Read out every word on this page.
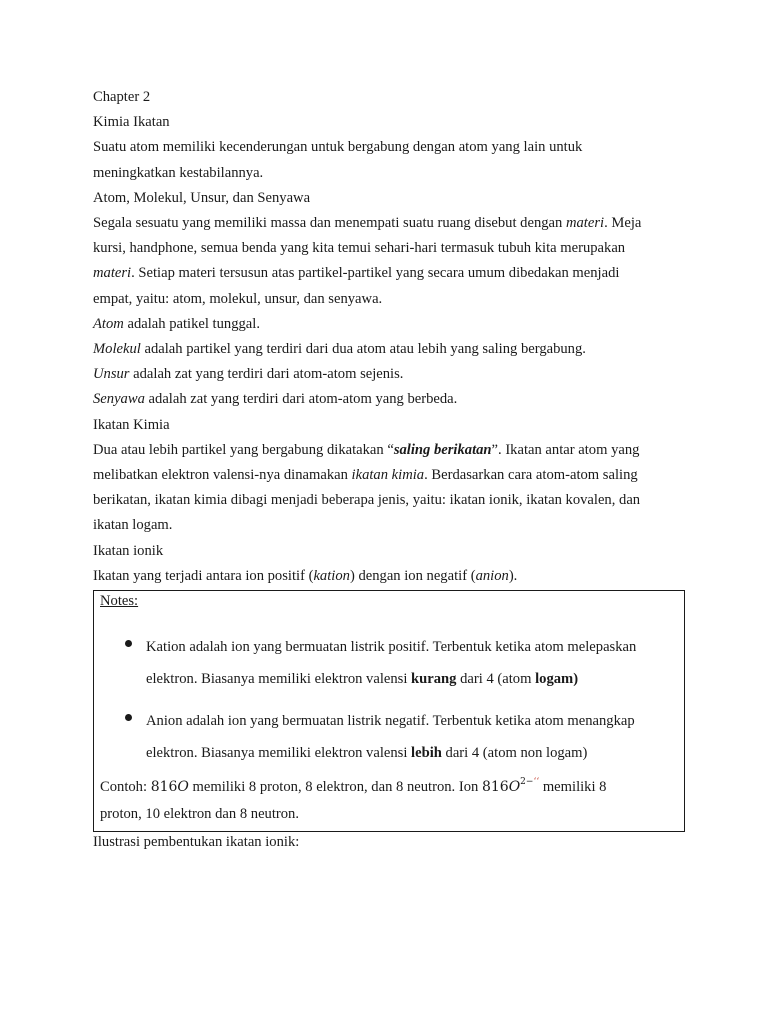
Chapter 2
Kimia Ikatan
Suatu atom memiliki kecenderungan untuk bergabung dengan atom yang lain untuk
meningkatkan kestabilannya.
Atom, Molekul, Unsur, dan Senyawa
Segala sesuatu yang memiliki massa dan menempati suatu ruang disebut dengan materi. Meja
kursi, handphone, semua benda yang kita temui sehari-hari termasuk tubuh kita merupakan
materi. Setiap materi tersusun atas partikel-partikel yang secara umum dibedakan menjadi
empat, yaitu: atom, molekul, unsur, dan senyawa.
Atom adalah patikel tunggal.
Molekul adalah partikel yang terdiri dari dua atom atau lebih yang saling bergabung.
Unsur adalah zat yang terdiri dari atom-atom sejenis.
Senyawa adalah zat yang terdiri dari atom-atom yang berbeda.
Ikatan Kimia
Dua atau lebih partikel yang bergabung dikatakan “saling berikatan”. Ikatan antar atom yang
melibatkan elektron valensi-nya dinamakan ikatan kimia. Berdasarkan cara atom-atom saling
berikatan, ikatan kimia dibagi menjadi beberapa jenis, yaitu: ikatan ionik, ikatan kovalen, dan
ikatan logam.
Ikatan ionik
Ikatan yang terjadi antara ion positif (kation) dengan ion negatif (anion).
Notes:
Kation adalah ion yang bermuatan listrik positif. Terbentuk ketika atom melepaskan
elektron. Biasanya memiliki elektron valensi kurang dari 4 (atom logam)
Anion adalah ion yang bermuatan listrik negatif. Terbentuk ketika atom menangkap
elektron. Biasanya memiliki elektron valensi lebih dari 4 (atom non logam)
Contoh: 816O memiliki 8 proton, 8 elektron, dan 8 neutron. Ion $816O^{2-‘‘}$ memiliki 8
proton, 10 elektron dan 8 neutron.
Ilustrasi pembentukan ikatan ionik:
